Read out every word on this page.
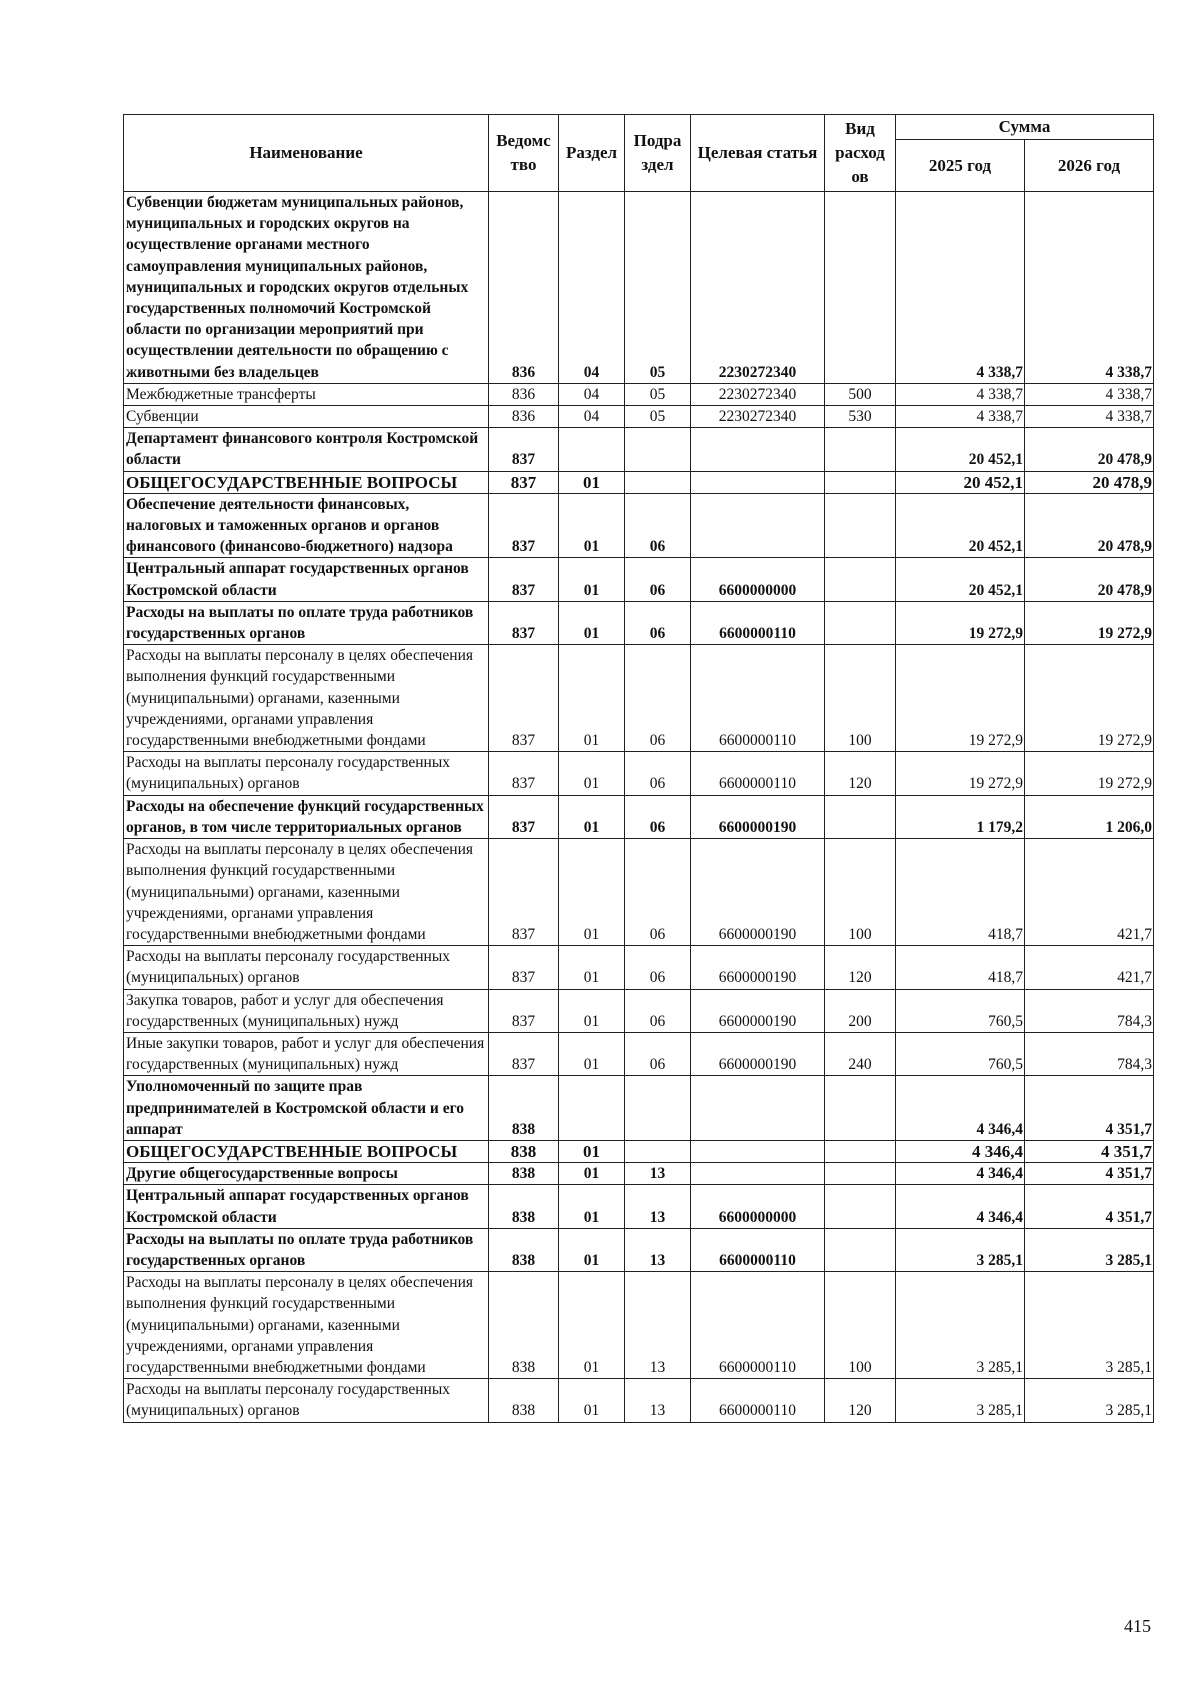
Наименование	Ведомс тво	Раздел	Подра здел	Целевая статья	Вид расход ов	Сумма	
						2025 год	2026 год
Субвенции бюджетам муниципальных районов, муниципальных и городских округов на осуществление органами местного самоуправления муниципальных районов, муниципальных и городских округов отдельных государственных полномочий Костромской области по организации мероприятий при осуществлении деятельности по обращению с животными без владельцев	836	04	05	2230272340		4 338,7	4 338,7
Межбюджетные трансферты	836	04	05	2230272340	500	4 338,7	4 338,7
Субвенции	836	04	05	2230272340	530	4 338,7	4 338,7
Департамент финансового контроля Костромской области	837					20 452,1	20 478,9
ОБЩЕГОСУДАРСТВЕННЫЕ ВОПРОСЫ	837	01				20 452,1	20 478,9
Обеспечение деятельности финансовых, налоговых и таможенных органов и органов финансового (финансово-бюджетного) надзора	837	01	06			20 452,1	20 478,9
Центральный аппарат государственных органов Костромской области	837	01	06	6600000000		20 452,1	20 478,9
Расходы на выплаты по оплате труда работников государственных органов	837	01	06	6600000110		19 272,9	19 272,9
Расходы на выплаты персоналу в целях обеспечения выполнения функций государственными (муниципальными) органами, казенными учреждениями, органами управления государственными внебюджетными фондами	837	01	06	6600000110	100	19 272,9	19 272,9
Расходы на выплаты персоналу государственных (муниципальных) органов	837	01	06	6600000110	120	19 272,9	19 272,9
Расходы на обеспечение функций государственных органов, в том числе территориальных органов	837	01	06	6600000190		1 179,2	1 206,0
Расходы на выплаты персоналу в целях обеспечения выполнения функций государственными (муниципальными) органами, казенными учреждениями, органами управления государственными внебюджетными фондами	837	01	06	6600000190	100	418,7	421,7
Расходы на выплаты персоналу государственных (муниципальных) органов	837	01	06	6600000190	120	418,7	421,7
Закупка товаров, работ и услуг для обеспечения государственных (муниципальных) нужд	837	01	06	6600000190	200	760,5	784,3
Иные закупки товаров, работ и услуг для обеспечения государственных (муниципальных) нужд	837	01	06	6600000190	240	760,5	784,3
Уполномоченный по защите прав предпринимателей в Костромской области и его аппарат	838					4 346,4	4 351,7
ОБЩЕГОСУДАРСТВЕННЫЕ ВОПРОСЫ	838	01				4 346,4	4 351,7
Другие общегосударственные вопросы	838	01	13			4 346,4	4 351,7
Центральный аппарат государственных органов Костромской области	838	01	13	6600000000		4 346,4	4 351,7
Расходы на выплаты по оплате труда работников государственных органов	838	01	13	6600000110		3 285,1	3 285,1
Расходы на выплаты персоналу в целях обеспечения выполнения функций государственными (муниципальными) органами, казенными учреждениями, органами управления государственными внебюджетными фондами	838	01	13	6600000110	100	3 285,1	3 285,1
Расходы на выплаты персоналу государственных (муниципальных) органов	838	01	13	6600000110	120	3 285,1	3 285,1
415
